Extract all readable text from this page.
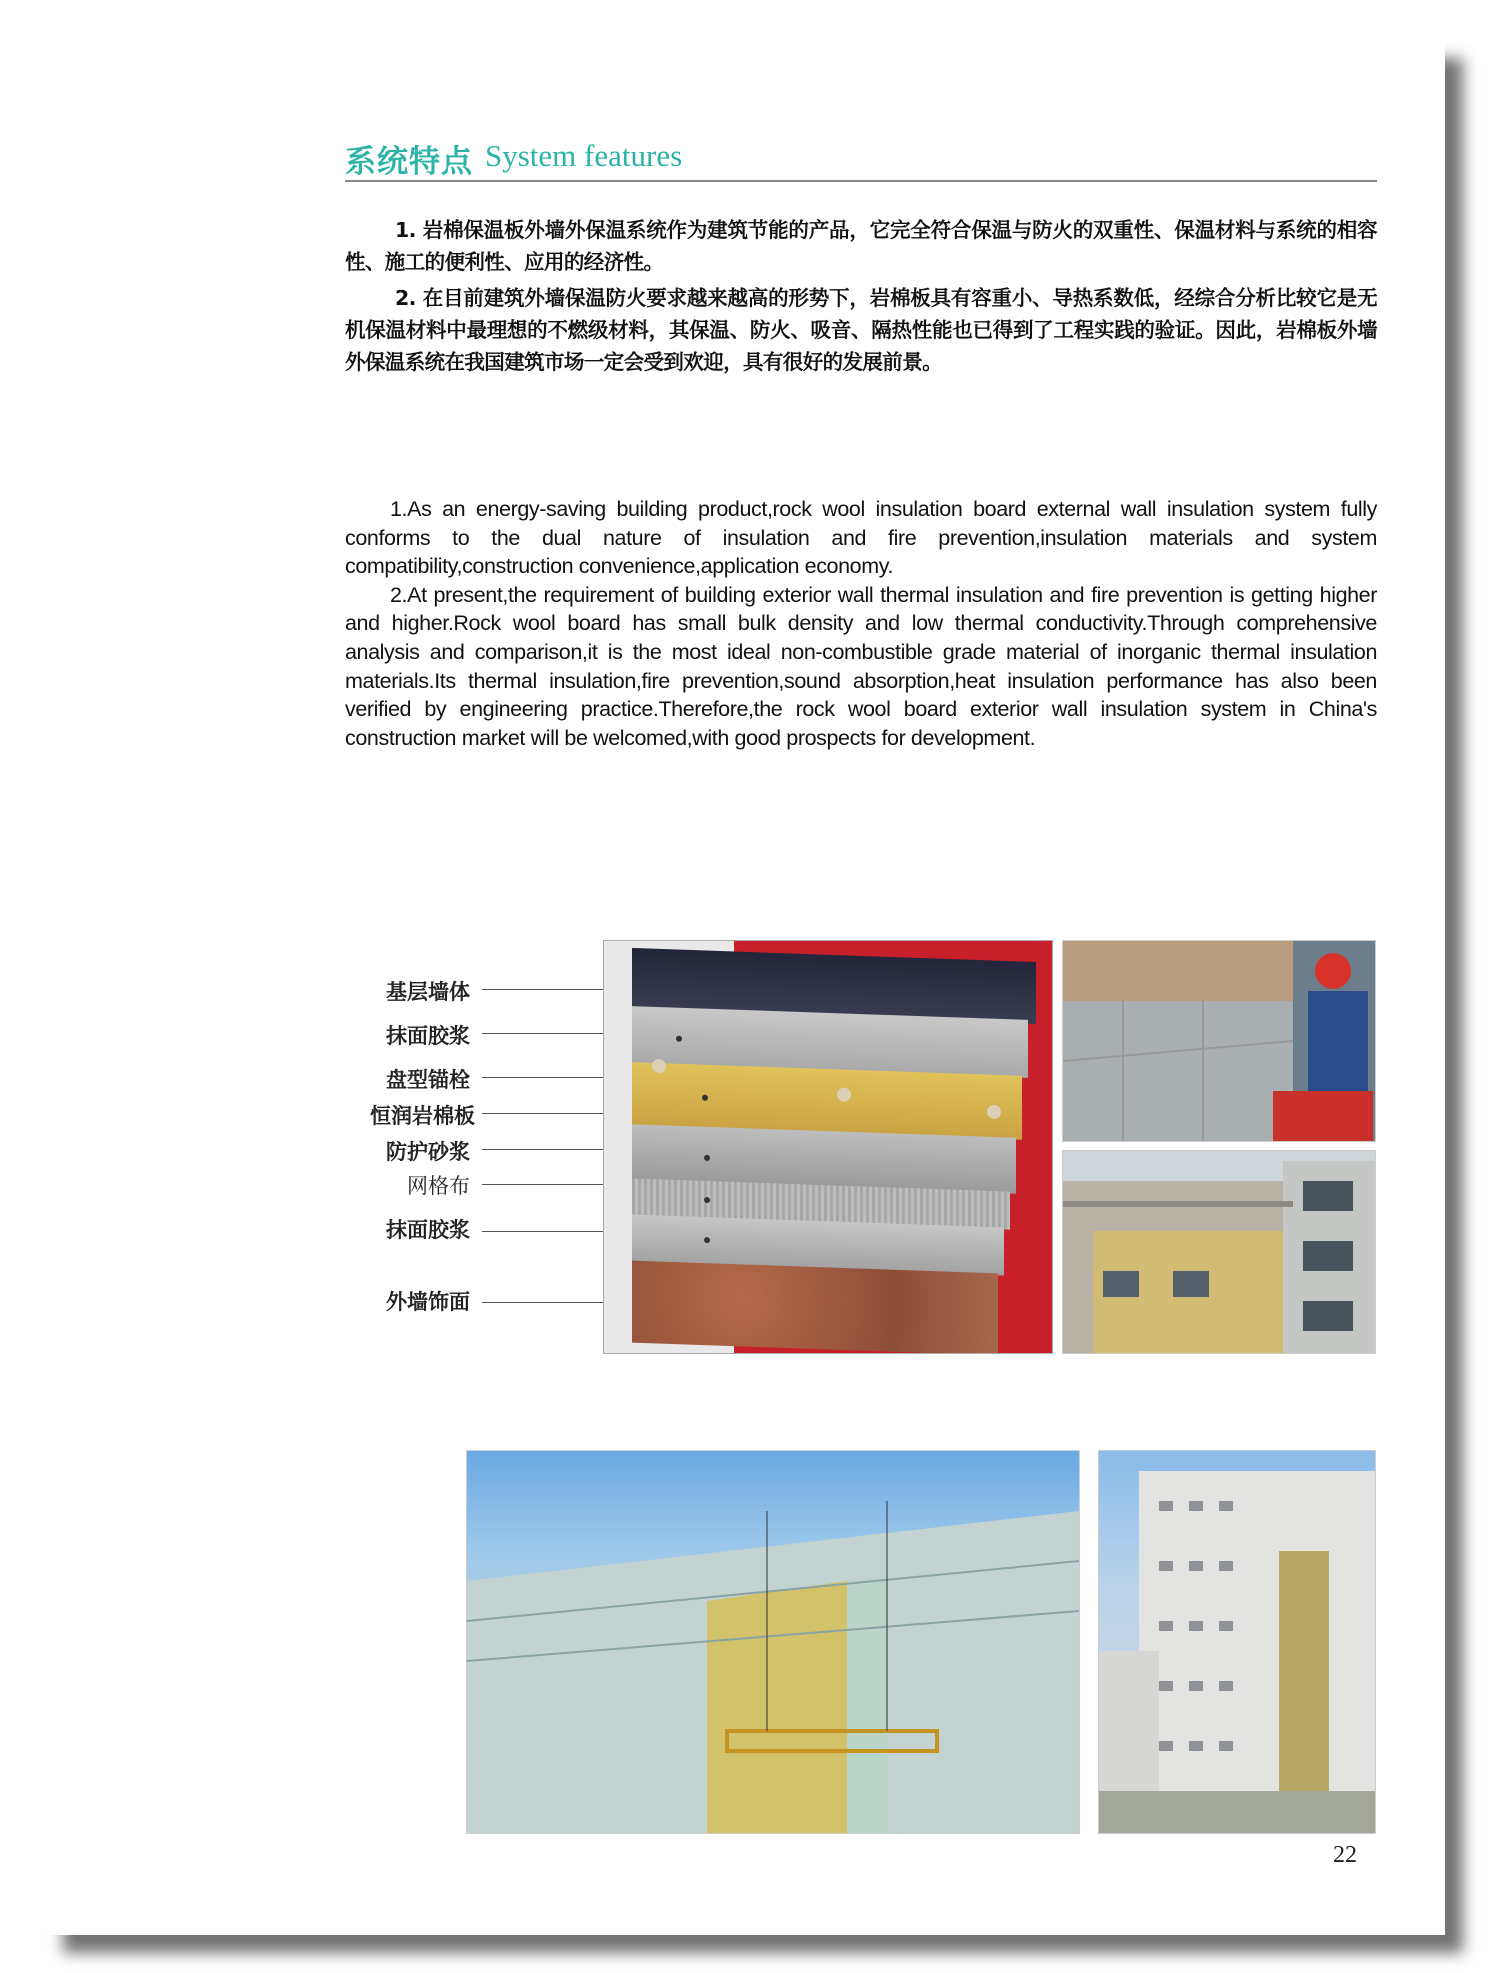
系统特点 System features

1. 岩棉保温板外墙外保温系统作为建筑节能的产品，它完全符合保温与防火的双重性、保温材料与系统的相容性、施工的便利性、应用的经济性。

2. 在目前建筑外墙保温防火要求越来越高的形势下，岩棉板具有容重小、导热系数低，经综合分析比较它是无机保温材料中最理想的不燃级材料，其保温、防火、吸音、隔热性能也已得到了工程实践的验证。因此，岩棉板外墙外保温系统在我国建筑市场一定会受到欢迎，具有很好的发展前景。

1.As an energy-saving building product,rock wool insulation board external wall insulation system fully conforms to the dual nature of insulation and fire prevention,insulation materials and system compatibility,construction convenience,application economy.

2.At present,the requirement of building exterior wall thermal insulation and fire prevention is getting higher and higher.Rock wool board has small bulk density and low thermal conductivity.Through comprehensive analysis and comparison,it is the most ideal non-combustible grade material of inorganic thermal insulation materials.Its thermal insulation,fire prevention,sound absorption,heat insulation performance has also been verified by engineering practice.Therefore,the rock wool board exterior wall insulation system in China's construction market will be welcomed,with good prospects for development.

基层墙体
抹面胶浆
盘型锚栓
恒润岩棉板
防护砂浆
网格布
抹面胶浆
外墙饰面
22
